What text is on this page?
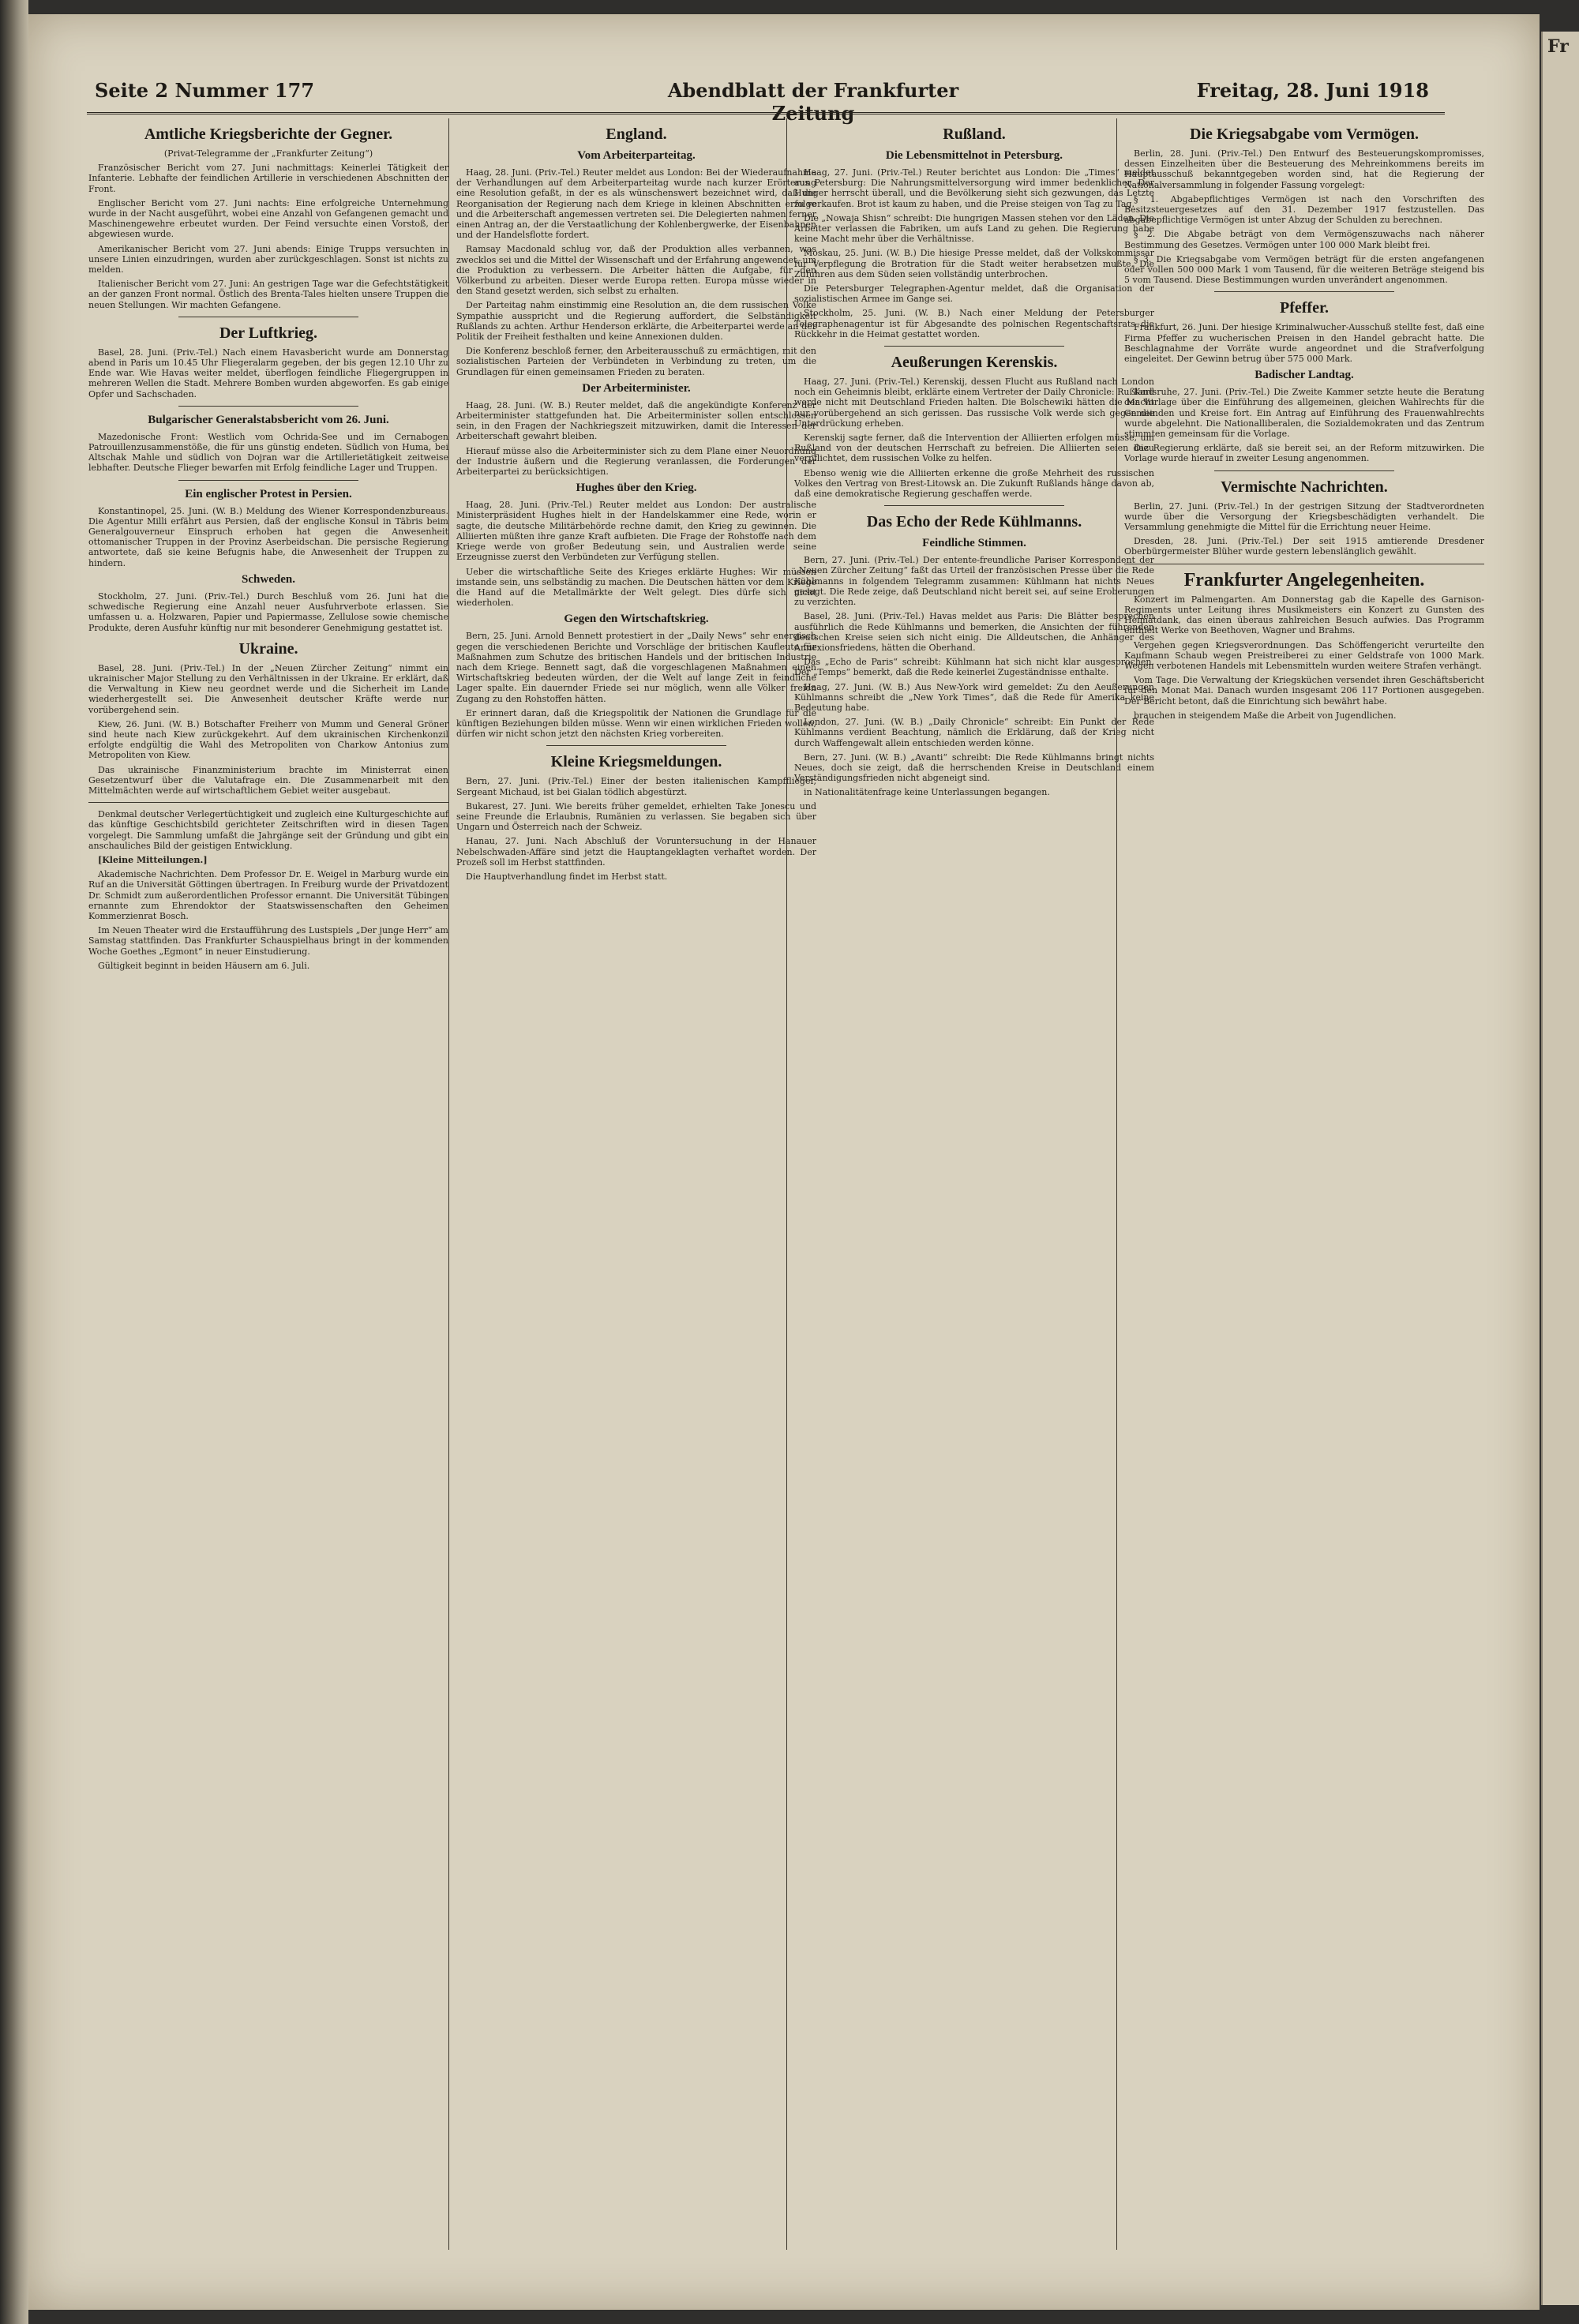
Fr
Seite 2 Nummer 177	Abendblatt der Frankfurter Zeitung
Freitag, 28. Juni 1918
Amtliche Kriegsberichte der Gegner.

(Privat-Telegramme der „Frankfurter Zeitung“)

Französischer Bericht vom 27. Juni nachmittags: Keinerlei Tätigkeit der Infanterie. Lebhafte der feindlichen Artillerie in verschiedenen Abschnitten der Front.

Englischer Bericht vom 27. Juni nachts: Eine erfolgreiche Unternehmung wurde in der Nacht ausgeführt, wobei eine Anzahl von Gefangenen gemacht und Maschinengewehre erbeutet wurden. Der Feind versuchte einen Vorstoß, der abgewiesen wurde.

Amerikanischer Bericht vom 27. Juni abends: Einige Trupps versuchten in unsere Linien einzudringen, wurden aber zurückgeschlagen. Sonst ist nichts zu melden.

Italienischer Bericht vom 27. Juni: An gestrigen Tage war die Gefechtstätigkeit an der ganzen Front normal. Östlich des Brenta-Tales hielten unsere Truppen die neuen Stellungen. Wir machten Gefangene.

Der Luftkrieg.

Basel, 28. Juni. (Priv.-Tel.) Nach einem Havasbericht wurde am Donnerstag abend in Paris um 10.45 Uhr Fliegeralarm gegeben, der bis gegen 12.10 Uhr zu Ende war. Wie Havas weiter meldet, überflogen feindliche Fliegergruppen in mehreren Wellen die Stadt. Mehrere Bomben wurden abgeworfen. Es gab einige Opfer und Sachschaden.

Bulgarischer Generalstabsbericht vom 26. Juni.

Mazedonische Front: Westlich vom Ochrida-See und im Cernabogen Patrouillenzusammenstöße, die für uns günstig endeten. Südlich von Huma, bei Altschak Mahle und südlich von Dojran war die Artillerietätigkeit zeitweise lebhafter. Deutsche Flieger bewarfen mit Erfolg feindliche Lager und Truppen.

Ein englischer Protest in Persien.

Konstantinopel, 25. Juni. (W. B.) Meldung des Wiener Korrespondenzbureaus. Die Agentur Milli erfährt aus Persien, daß der englische Konsul in Täbris beim Generalgouverneur Einspruch erhoben hat gegen die Anwesenheit ottomanischer Truppen in der Provinz Aserbeidschan. Die persische Regierung antwortete, daß sie keine Befugnis habe, die Anwesenheit der Truppen zu hindern.

Schweden.

Stockholm, 27. Juni. (Priv.-Tel.) Durch Beschluß vom 26. Juni hat die schwedische Regierung eine Anzahl neuer Ausfuhrverbote erlassen. Sie umfassen u. a. Holzwaren, Papier und Papiermasse, Zellulose sowie chemische Produkte, deren Ausfuhr künftig nur mit besonderer Genehmigung gestattet ist.

Ukraine.

Basel, 28. Juni. (Priv.-Tel.) In der „Neuen Zürcher Zeitung“ nimmt ein ukrainischer Major Stellung zu den Verhältnissen in der Ukraine. Er erklärt, daß die Verwaltung in Kiew neu geordnet werde und die Sicherheit im Lande wiederhergestellt sei. Die Anwesenheit deutscher Kräfte werde nur vorübergehend sein.

Kiew, 26. Juni. (W. B.) Botschafter Freiherr von Mumm und General Gröner sind heute nach Kiew zurückgekehrt. Auf dem ukrainischen Kirchenkonzil erfolgte endgültig die Wahl des Metropoliten von Charkow Antonius zum Metropoliten von Kiew.

Das ukrainische Finanzministerium brachte im Ministerrat einen Gesetzentwurf über die Valutafrage ein. Die Zusammenarbeit mit den Mittelmächten werde auf wirtschaftlichem Gebiet weiter ausgebaut.

Denkmal deutscher Verlegertüchtigkeit und zugleich eine Kulturgeschichte auf das künftige Geschichtsbild gerichteter Zeitschriften wird in diesen Tagen vorgelegt. Die Sammlung umfaßt die Jahrgänge seit der Gründung und gibt ein anschauliches Bild der geistigen Entwicklung.

[Kleine Mitteilungen.]

Akademische Nachrichten. Dem Professor Dr. E. Weigel in Marburg wurde ein Ruf an die Universität Göttingen übertragen. In Freiburg wurde der Privatdozent Dr. Schmidt zum außerordentlichen Professor ernannt. Die Universität Tübingen ernannte zum Ehrendoktor der Staatswissenschaften den Geheimen Kommerzienrat Bosch.

Im Neuen Theater wird die Erstaufführung des Lustspiels „Der junge Herr“ am Samstag stattfinden. Das Frankfurter Schauspielhaus bringt in der kommenden Woche Goethes „Egmont“ in neuer Einstudierung.

Gültigkeit beginnt in beiden Häusern am 6. Juli.

England.
Vom Arbeiterparteitag.

Haag, 28. Juni. (Priv.-Tel.) Reuter meldet aus London: Bei der Wiederaufnahme der Verhandlungen auf dem Arbeiterparteitag wurde nach kurzer Erörterung eine Resolution gefaßt, in der es als wünschenswert bezeichnet wird, daß die Reorganisation der Regierung nach dem Kriege in kleinen Abschnitten erfolge und die Arbeiterschaft angemessen vertreten sei. Die Delegierten nahmen ferner einen Antrag an, der die Verstaatlichung der Kohlenbergwerke, der Eisenbahnen und der Handelsflotte fordert.

Ramsay Macdonald schlug vor, daß der Produktion alles verbannen, was zwecklos sei und die Mittel der Wissenschaft und der Erfahrung angewendet, um die Produktion zu verbessern. Die Arbeiter hätten die Aufgabe, für den Völkerbund zu arbeiten. Dieser werde Europa retten. Europa müsse wieder in den Stand gesetzt werden, sich selbst zu erhalten.

Der Parteitag nahm einstimmig eine Resolution an, die dem russischen Volke Sympathie ausspricht und die Regierung auffordert, die Selbständigkeit Rußlands zu achten. Arthur Henderson erklärte, die Arbeiterpartei werde an der Politik der Freiheit festhalten und keine Annexionen dulden.

Die Konferenz beschloß ferner, den Arbeiterausschuß zu ermächtigen, mit den sozialistischen Parteien der Verbündeten in Verbindung zu treten, um die Grundlagen für einen gemeinsamen Frieden zu beraten.

Der Arbeiterminister.

Haag, 28. Juni. (W. B.) Reuter meldet, daß die angekündigte Konferenz der Arbeiterminister stattgefunden hat. Die Arbeiterminister sollen entschlossen sein, in den Fragen der Nachkriegszeit mitzuwirken, damit die Interessen der Arbeiterschaft gewahrt bleiben.

Hierauf müsse also die Arbeiterminister sich zu dem Plane einer Neuordnung der Industrie äußern und die Regierung veranlassen, die Forderungen der Arbeiterpartei zu berücksichtigen.

Hughes über den Krieg.

Haag, 28. Juni. (Priv.-Tel.) Reuter meldet aus London: Der australische Ministerpräsident Hughes hielt in der Handelskammer eine Rede, worin er sagte, die deutsche Militärbehörde rechne damit, den Krieg zu gewinnen. Die Alliierten müßten ihre ganze Kraft aufbieten. Die Frage der Rohstoffe nach dem Kriege werde von großer Bedeutung sein, und Australien werde seine Erzeugnisse zuerst den Verbündeten zur Verfügung stellen.

Ueber die wirtschaftliche Seite des Krieges erklärte Hughes: Wir müssen imstande sein, uns selbständig zu machen. Die Deutschen hätten vor dem Kriege die Hand auf die Metallmärkte der Welt gelegt. Dies dürfe sich nicht wiederholen.

Gegen den Wirtschaftskrieg.

Bern, 25. Juni. Arnold Bennett protestiert in der „Daily News“ sehr energisch gegen die verschiedenen Berichte und Vorschläge der britischen Kaufleute für Maßnahmen zum Schutze des britischen Handels und der britischen Industrie nach dem Kriege. Bennett sagt, daß die vorgeschlagenen Maßnahmen einen Wirtschaftskrieg bedeuten würden, der die Welt auf lange Zeit in feindliche Lager spalte. Ein dauernder Friede sei nur möglich, wenn alle Völker freien Zugang zu den Rohstoffen hätten.

Er erinnert daran, daß die Kriegspolitik der Nationen die Grundlage für die künftigen Beziehungen bilden müsse. Wenn wir einen wirklichen Frieden wollen, dürfen wir nicht schon jetzt den nächsten Krieg vorbereiten.

Kleine Kriegsmeldungen.

Bern, 27. Juni. (Priv.-Tel.) Einer der besten italienischen Kampfflieger, Sergeant Michaud, ist bei Gialan tödlich abgestürzt.

Bukarest, 27. Juni. Wie bereits früher gemeldet, erhielten Take Jonescu und seine Freunde die Erlaubnis, Rumänien zu verlassen. Sie begaben sich über Ungarn und Österreich nach der Schweiz.

Hanau, 27. Juni. Nach Abschluß der Voruntersuchung in der Hanauer Nebelschwaden-Affäre sind jetzt die Hauptangeklagten verhaftet worden. Der Prozeß soll im Herbst stattfinden.

Die Hauptverhandlung findet im Herbst statt.

Rußland.
Die Lebensmittelnot in Petersburg.

Haag, 27. Juni. (Priv.-Tel.) Reuter berichtet aus London: Die „Times“ meldet aus Petersburg: Die Nahrungsmittelversorgung wird immer bedenklicher. Der Hunger herrscht überall, und die Bevölkerung sieht sich gezwungen, das Letzte zu verkaufen. Brot ist kaum zu haben, und die Preise steigen von Tag zu Tag.

Die „Nowaja Shisn“ schreibt: Die hungrigen Massen stehen vor den Läden. Die Arbeiter verlassen die Fabriken, um aufs Land zu gehen. Die Regierung habe keine Macht mehr über die Verhältnisse.

Moskau, 25. Juni. (W. B.) Die hiesige Presse meldet, daß der Volkskommissar für Verpflegung die Brotration für die Stadt weiter herabsetzen mußte. Die Zufuhren aus dem Süden seien vollständig unterbrochen.

Die Petersburger Telegraphen-Agentur meldet, daß die Organisation der sozialistischen Armee im Gange sei.

Stockholm, 25. Juni. (W. B.) Nach einer Meldung der Petersburger Telegraphenagentur ist für Abgesandte des polnischen Regentschaftsrats die Rückkehr in die Heimat gestattet worden.

Aeußerungen Kerenskis.

Haag, 27. Juni. (Priv.-Tel.) Kerenskij, dessen Flucht aus Rußland nach London noch ein Geheimnis bleibt, erklärte einem Vertreter der Daily Chronicle: Rußland werde nicht mit Deutschland Frieden halten. Die Bolschewiki hätten die Macht nur vorübergehend an sich gerissen. Das russische Volk werde sich gegen die Unterdrückung erheben.

Kerenskij sagte ferner, daß die Intervention der Alliierten erfolgen müsse, um Rußland von der deutschen Herrschaft zu befreien. Die Alliierten seien dazu verpflichtet, dem russischen Volke zu helfen.

Ebenso wenig wie die Alliierten erkenne die große Mehrheit des russischen Volkes den Vertrag von Brest-Litowsk an. Die Zukunft Rußlands hänge davon ab, daß eine demokratische Regierung geschaffen werde.

Das Echo der Rede Kühlmanns.
Feindliche Stimmen.

Bern, 27. Juni. (Priv.-Tel.) Der entente-freundliche Pariser Korrespondent der „Neuen Zürcher Zeitung“ faßt das Urteil der französischen Presse über die Rede Kühlmanns in folgendem Telegramm zusammen: Kühlmann hat nichts Neues gesagt. Die Rede zeige, daß Deutschland nicht bereit sei, auf seine Eroberungen zu verzichten.

Basel, 28. Juni. (Priv.-Tel.) Havas meldet aus Paris: Die Blätter besprechen ausführlich die Rede Kühlmanns und bemerken, die Ansichten der führenden deutschen Kreise seien sich nicht einig. Die Alldeutschen, die Anhänger des Annexionsfriedens, hätten die Oberhand.

Das „Echo de Paris“ schreibt: Kühlmann hat sich nicht klar ausgesprochen. Der „Temps“ bemerkt, daß die Rede keinerlei Zugeständnisse enthalte.

Haag, 27. Juni. (W. B.) Aus New-York wird gemeldet: Zu den Aeußerungen Kühlmanns schreibt die „New York Times“, daß die Rede für Amerika keine Bedeutung habe.

London, 27. Juni. (W. B.) „Daily Chronicle“ schreibt: Ein Punkt der Rede Kühlmanns verdient Beachtung, nämlich die Erklärung, daß der Krieg nicht durch Waffengewalt allein entschieden werden könne.

Bern, 27. Juni. (W. B.) „Avanti“ schreibt: Die Rede Kühlmanns bringt nichts Neues, doch sie zeigt, daß die herrschenden Kreise in Deutschland einem Verständigungsfrieden nicht abgeneigt sind.

in Nationalitätenfrage keine Unterlassungen begangen.

Die Kriegsabgabe vom Vermögen.

Berlin, 28. Juni. (Priv.-Tel.) Den Entwurf des Besteuerungskompromisses, dessen Einzelheiten über die Besteuerung des Mehreinkommens bereits im Hauptausschuß bekanntgegeben worden sind, hat die Regierung der Nationalversammlung in folgender Fassung vorgelegt:

§ 1. Abgabepflichtiges Vermögen ist nach den Vorschriften des Besitzsteuergesetzes auf den 31. Dezember 1917 festzustellen. Das abgabepflichtige Vermögen ist unter Abzug der Schulden zu berechnen.

§ 2. Die Abgabe beträgt von dem Vermögenszuwachs nach näherer Bestimmung des Gesetzes. Vermögen unter 100 000 Mark bleibt frei.

§ 3. Die Kriegsabgabe vom Vermögen beträgt für die ersten angefangenen oder vollen 500 000 Mark 1 vom Tausend, für die weiteren Beträge steigend bis 5 vom Tausend. Diese Bestimmungen wurden unverändert angenommen.

Pfeffer.

Frankfurt, 26. Juni. Der hiesige Kriminalwucher-Ausschuß stellte fest, daß eine Firma Pfeffer zu wucherischen Preisen in den Handel gebracht hatte. Die Beschlagnahme der Vorräte wurde angeordnet und die Strafverfolgung eingeleitet. Der Gewinn betrug über 575 000 Mark.

Badischer Landtag.

Karlsruhe, 27. Juni. (Priv.-Tel.) Die Zweite Kammer setzte heute die Beratung der Vorlage über die Einführung des allgemeinen, gleichen Wahlrechts für die Gemeinden und Kreise fort. Ein Antrag auf Einführung des Frauenwahlrechts wurde abgelehnt. Die Nationalliberalen, die Sozialdemokraten und das Zentrum stimmten gemeinsam für die Vorlage.

Die Regierung erklärte, daß sie bereit sei, an der Reform mitzuwirken. Die Vorlage wurde hierauf in zweiter Lesung angenommen.

Vermischte Nachrichten.

Berlin, 27. Juni. (Priv.-Tel.) In der gestrigen Sitzung der Stadtverordneten wurde über die Versorgung der Kriegsbeschädigten verhandelt. Die Versammlung genehmigte die Mittel für die Errichtung neuer Heime.

Dresden, 28. Juni. (Priv.-Tel.) Der seit 1915 amtierende Dresdener Oberbürgermeister Blüher wurde gestern lebenslänglich gewählt.

Frankfurter Angelegenheiten.

Konzert im Palmengarten. Am Donnerstag gab die Kapelle des Garnison-Regiments unter Leitung ihres Musikmeisters ein Konzert zu Gunsten des Heimatdank, das einen überaus zahlreichen Besuch aufwies. Das Programm enthielt Werke von Beethoven, Wagner und Brahms.

Vergehen gegen Kriegsverordnungen. Das Schöffengericht verurteilte den Kaufmann Schaub wegen Preistreiberei zu einer Geldstrafe von 1000 Mark. Wegen verbotenen Handels mit Lebensmitteln wurden weitere Strafen verhängt.

Vom Tage. Die Verwaltung der Kriegsküchen versendet ihren Geschäftsbericht für den Monat Mai. Danach wurden insgesamt 206 117 Portionen ausgegeben. Der Bericht betont, daß die Einrichtung sich bewährt habe.

brauchen in steigendem Maße die Arbeit von Jugendlichen.
